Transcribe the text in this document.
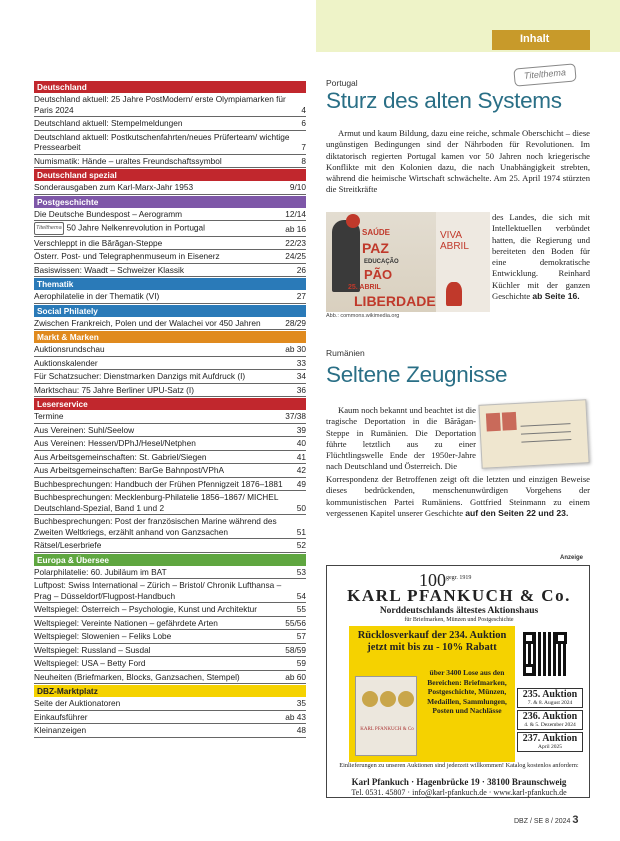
Inhalt
Deutschland
Deutschland aktuell: 25 Jahre PostModern/ erste Olympiamarken für Paris 2024	4
Deutschland aktuell: Stempelmeldungen	6
Deutschland aktuell: Postkutschenfahrten/neues Prüferteam/ wichtige Pressearbeit	7
Numismatik: Hände – uraltes Freundschaftssymbol	8
Deutschland spezial
Sonderausgaben zum Karl-Marx-Jahr 1953	9/10
Postgeschichte
Die Deutsche Bundespost – Aerogramm	12/14
Titelthema 50 Jahre Nelkenrevolution in Portugal	ab 16
Verschleppt in die Bărăgan-Steppe	22/23
Österr. Post- und Telegraphenmuseum in Eisenerz	24/25
Basiswissen: Waadt – Schweizer Klassik	26
Thematik
Aerophilatelie in der Thematik (VI)	27
Social Philately
Zwischen Frankreich, Polen und der Walachei vor 450 Jahren	28/29
Markt & Marken
Auktionsrundschau	ab 30
Auktionskalender	33
Für Schatzsucher: Dienstmarken Danzigs mit Aufdruck (I)	34
Marktschau: 75 Jahre Berliner UPU-Satz (I)	36
Leserservice
Termine	37/38
Aus Vereinen: Suhl/Seelow	39
Aus Vereinen: Hessen/DPhJ/Hesel/Netphen	40
Aus Arbeitsgemeinschaften: St. Gabriel/Siegen	41
Aus Arbeitsgemeinschaften: BarGe Bahnpost/VPhA	42
Buchbesprechungen: Handbuch der Frühen Pfennigzeit 1876–1881	49
Buchbesprechungen: Mecklenburg-Philatelie 1856–1867/ MICHEL Deutschland-Spezial, Band 1 und 2	50
Buchbesprechungen: Post der französischen Marine während des Zweiten Weltkriegs, erzählt anhand von Ganzsachen	51
Rätsel/Leserbriefe	52
Europa & Übersee
Polarphilatelie: 60. Jubiläum im BAT	53
Luftpost: Swiss International – Zürich – Bristol/ Chronik Lufthansa – Prag – Düsseldorf/Flugpost-Handbuch	54
Weltspiegel: Österreich – Psychologie, Kunst und Architektur	55
Weltspiegel: Vereinte Nationen – gefährdete Arten	55/56
Weltspiegel: Slowenien – Feliks Lobe	57
Weltspiegel: Russland – Susdal	58/59
Weltspiegel: USA – Betty Ford	59
Neuheiten (Briefmarken, Blocks, Ganzsachen, Stempel)	ab 60
DBZ-Marktplatz
Seite der Auktionatoren	35
Einkaufsführer	ab 43
Kleinanzeigen	48
Portugal
Sturz des alten Systems
Titelthema
Armut und kaum Bildung, dazu eine reiche, schmale Oberschicht – diese ungünstigen Bedingungen sind der Nährboden für Revolutionen. Im diktatorisch regierten Portugal kamen vor 50 Jahren noch kriegerische Konflikte mit den Kolonien dazu, die nach Unabhängigkeit strebten, während die heimische Wirtschaft schwächelte. Am 25. April 1974 stürzten die Streitkräfte
des Landes, die sich mit Intellektuellen verbündet hatten, die Regierung und bereiteten den Boden für eine demokratische Entwicklung. Reinhard Küchler mit der ganzen Geschichte ab Seite 16.
SAÚDE
PAZ
EDUCAÇÃO
PÃO
25. ABRIL
LIBERDADE
VIVA ABRIL
Abb.: commons.wikimedia.org
Rumänien
Seltene Zeugnisse
Kaum noch bekannt und beachtet ist die tragische Deportation in die Bărăgan-Steppe in Rumänien. Die Deportation führte letztlich aus zu einer Flüchtlingswelle Ende der 1950er-Jahre nach Deutschland und Österreich. Die
Korrespondenz der Betroffenen zeigt oft die letzten und einzigen Beweise dieses bedrückenden, menschenunwürdigen Vorgehens der kommunistischen Partei Rumäniens. Gottfried Steinmann zu einem vergessenen Kapitel unserer Geschichte auf den Seiten 22 und 23.
Anzeige
$100^{gegr. 1919}$
KARL PFANKUCH & Co.
Norddeutschlands ältestes Aktionshaus
für Briefmarken, Münzen und Postgeschichte
Rücklosverkauf der 234. Auktion jetzt mit bis zu - 10% Rabatt
über 3400 Lose aus den Bereichen: Briefmarken, Postgeschichte, Münzen, Medaillen, Sammlungen, Posten und Nachlässe
KARL PFANKUCH & Co
235. Auktion
7. & 8. August 2024
236. Auktion
4. & 5. Dezember 2024
237. Auktion
April 2025
Einlieferungen zu unseren Auktionen sind jederzeit willkommen! Katalog kostenlos anfordern:
Karl Pfankuch · Hagenbrücke 19 · 38100 Braunschweig
Tel. 0531. 45807 · info@karl-pfankuch.de · www.karl-pfankuch.de
DBZ / SE 8 / 2024 3
